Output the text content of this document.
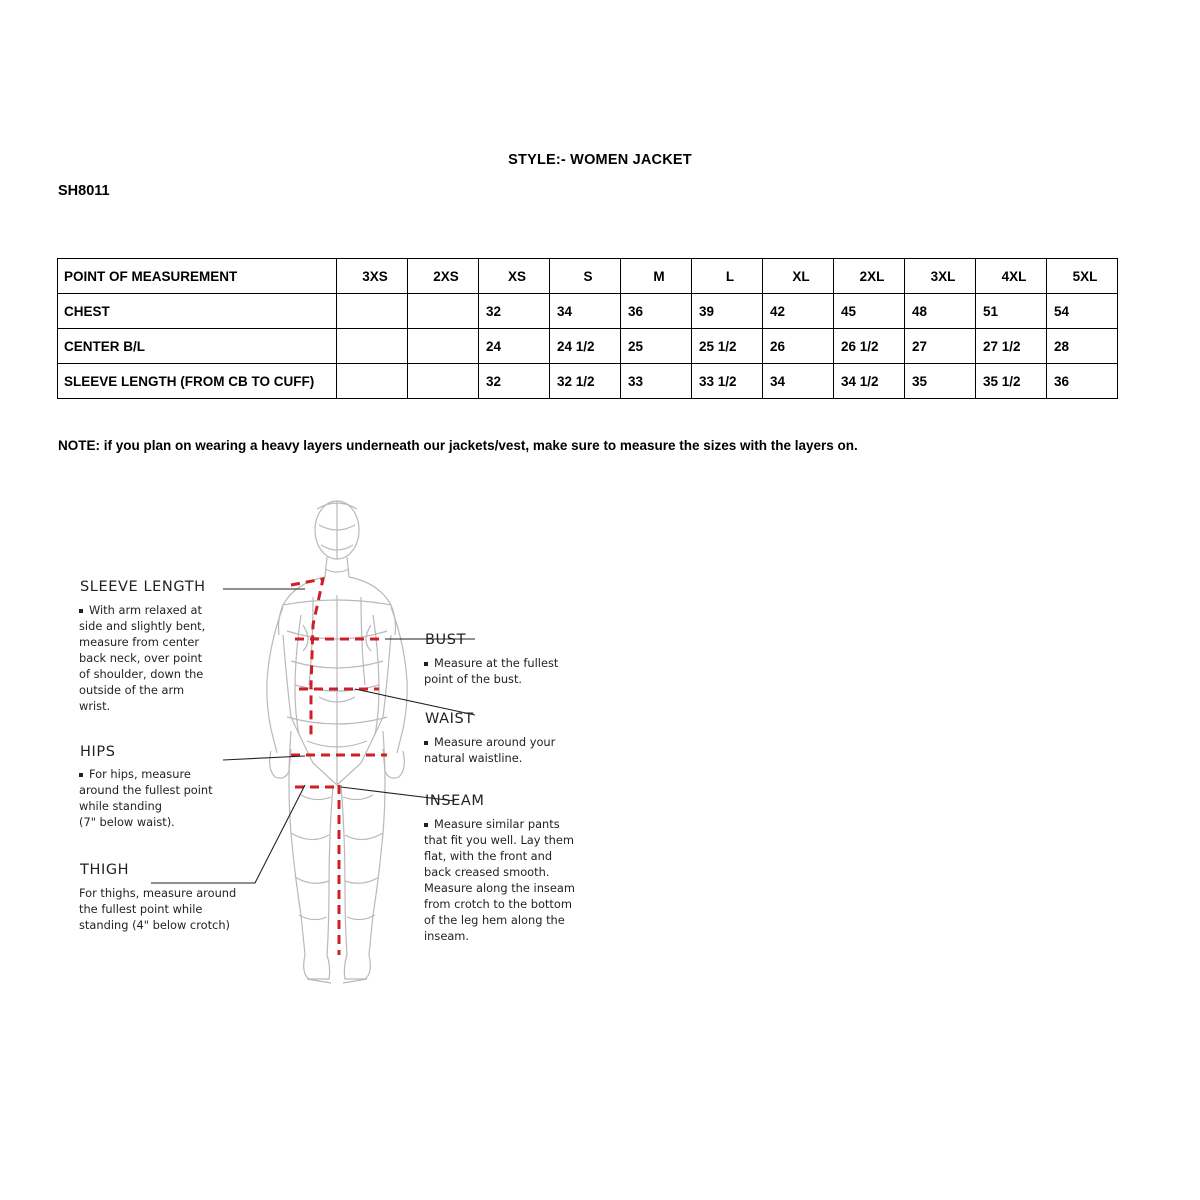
STYLE:- WOMEN JACKET
SH8011
POINT OF MEASUREMENT	3XS	2XS	XS	S	M	L	XL	2XL	3XL	4XL	5XL
CHEST			32	34	36	39	42	45	48	51	54
CENTER B/L			24	24 1/2	25	25 1/2	26	26 1/2	27	27 1/2	28
SLEEVE LENGTH (FROM CB TO CUFF)			32	32 1/2	33	33 1/2	34	34 1/2	35	35 1/2	36
NOTE: if you plan on wearing a heavy layers underneath our jackets/vest, make sure to measure the sizes with the layers on.
SLEEVE LENGTH
With arm relaxed at
side and slightly bent,
measure from center
back neck, over point
of shoulder, down the
outside of the arm
wrist.
HIPS
For hips, measure
around the fullest point
while standing
(7" below waist).
THIGH
For thighs, measure around
the fullest point while
standing (4" below crotch)
BUST
Measure at the fullest
point of the bust.
WAIST
Measure around your
natural waistline.
INSEAM
Measure similar pants
that fit you well. Lay them
flat, with the front and
back creased smooth.
Measure along the inseam
from crotch to the bottom
of the leg hem along the
inseam.
